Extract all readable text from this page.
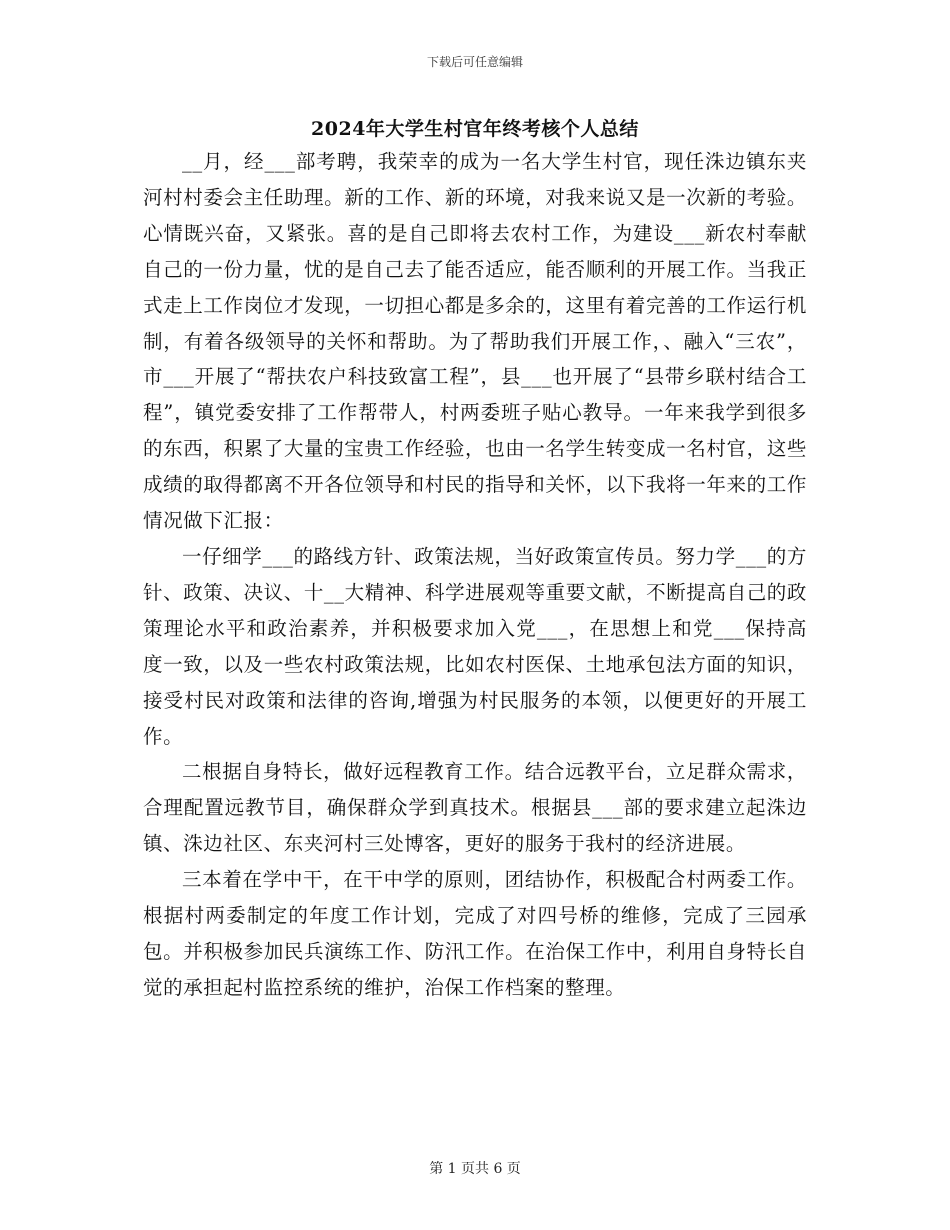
下载后可任意编辑
2024年大学生村官年终考核个人总结

__月，经___部考聘，我荣幸的成为一名大学生村官，现任洙边镇东夹河村村委会主任助理。新的工作、新的环境，对我来说又是一次新的考验。心情既兴奋，又紧张。喜的是自己即将去农村工作，为建设___新农村奉献自己的一份力量，忧的是自己去了能否适应，能否顺利的开展工作。当我正式走上工作岗位才发现，一切担心都是多余的，这里有着完善的工作运行机制，有着各级领导的关怀和帮助。为了帮助我们开展工作，、融入“三农”，市___开展了“帮扶农户科技致富工程”，县___也开展了“县带乡联村结合工程”，镇党委安排了工作帮带人，村两委班子贴心教导。一年来我学到很多的东西，积累了大量的宝贵工作经验，也由一名学生转变成一名村官，这些成绩的取得都离不开各位领导和村民的指导和关怀，以下我将一年来的工作情况做下汇报：

一仔细学___的路线方针、政策法规，当好政策宣传员。努力学___的方针、政策、决议、十__大精神、科学进展观等重要文献，不断提高自己的政策理论水平和政治素养，并积极要求加入党___，在思想上和党___保持高度一致，以及一些农村政策法规，比如农村医保、土地承包法方面的知识，接受村民对政策和法律的咨询,增强为村民服务的本领，以便更好的开展工作。

二根据自身特长，做好远程教育工作。结合远教平台，立足群众需求，合理配置远教节目，确保群众学到真技术。根据县___部的要求建立起洙边镇、洙边社区、东夹河村三处博客，更好的服务于我村的经济进展。

三本着在学中干，在干中学的原则，团结协作，积极配合村两委工作。根据村两委制定的年度工作计划，完成了对四号桥的维修，完成了三园承包。并积极参加民兵演练工作、防汛工作。在治保工作中，利用自身特长自觉的承担起村监控系统的维护，治保工作档案的整理。

第 1 页共 6 页
